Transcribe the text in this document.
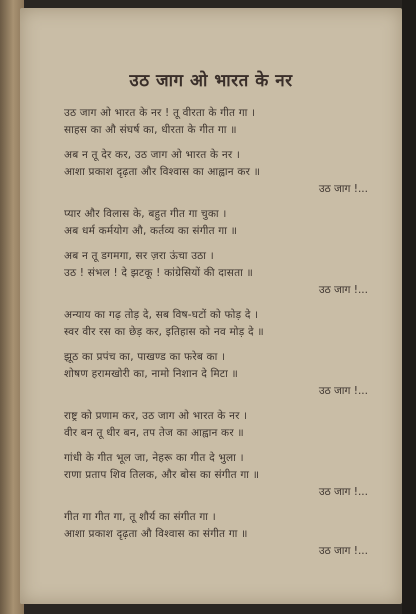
उठ जाग ओ भारत के नर
उठ जाग ओ भारत के नर ! तू वीरता के गीत गा ।
साहस का औ संघर्ष का, धीरता के गीत गा ॥
अब न तू देर कर, उठ जाग ओ भारत के नर ।
आशा प्रकाश दृढ़ता और विश्वास का आह्वान कर ॥
उठ जाग !...
प्यार और विलास के, बहुत गीत गा चुका ।
अब धर्म कर्मयोग औ, कर्तव्य का संगीत गा ॥
अब न तू डगमगा, सर ज़रा ऊंचा उठा ।
उठ ! संभल ! दे झटकू ! कांग्रेसियों की दासता ॥
उठ जाग !...
अन्याय का गढ़ तोड़ दे, सब विष-घटों को फोड़ दे ।
स्वर वीर रस का छेड़ कर, इतिहास को नव मोड़ दे ॥
झूठ का प्रपंच का, पाखण्ड का फरेब का ।
शोषण हरामखोरी का, नामो निशान दे मिटा ॥
उठ जाग !...
राष्ट्र को प्रणाम कर, उठ जाग ओ भारत के नर ।
वीर बन तू धीर बन, तप तेज का आह्वान कर ॥
गांधी के गीत भूल जा, नेहरू का गीत दे भुला ।
राणा प्रताप शिव तिलक, और बोस का संगीत गा ॥
उठ जाग !...
गीत गा गीत गा, तू शौर्य का संगीत गा ।
आशा प्रकाश दृढ़ता औ विश्वास का संगीत गा ॥
उठ जाग !...
